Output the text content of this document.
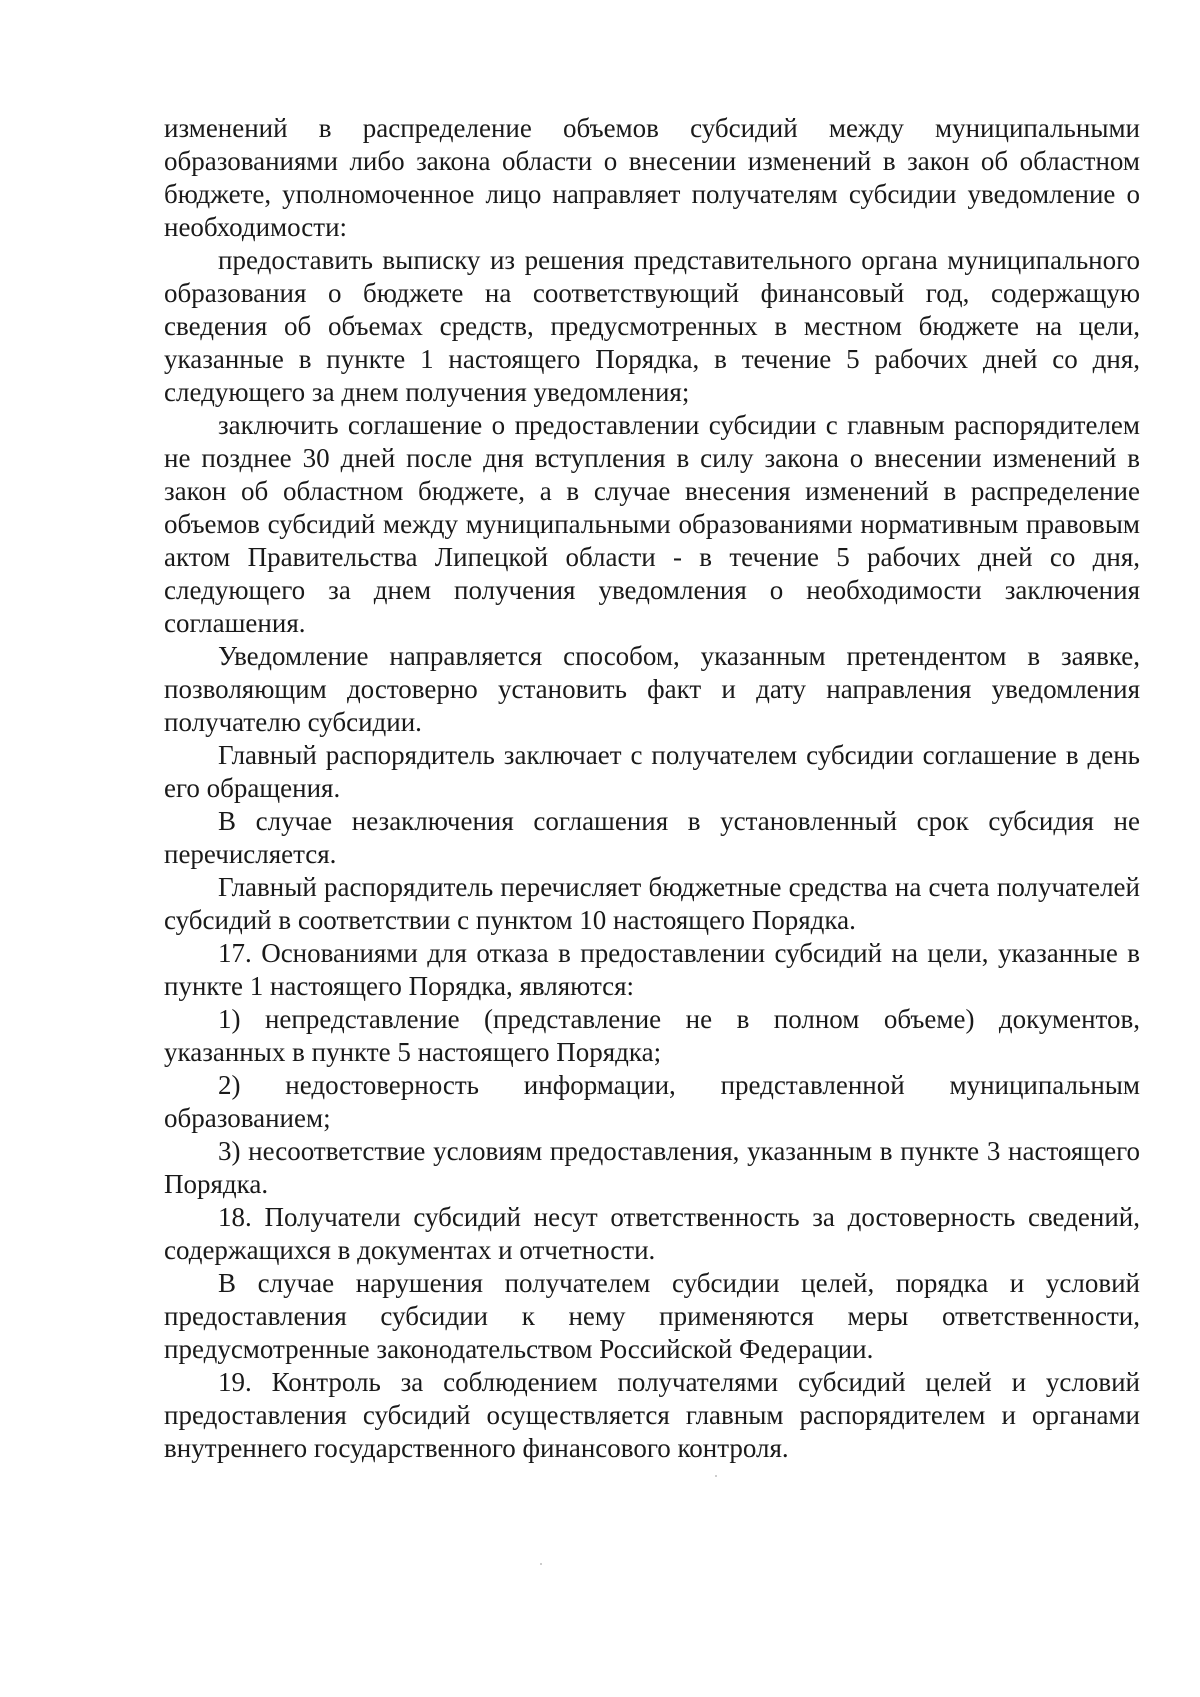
изменений в распределение объемов субсидий между муниципальными образованиями либо закона области о внесении изменений в закон об областном бюджете, уполномоченное лицо направляет получателям субсидии уведомление о необходимости:

предоставить выписку из решения представительного органа муниципального образования о бюджете на соответствующий финансовый год, содержащую сведения об объемах средств, предусмотренных в местном бюджете на цели, указанные в пункте 1 настоящего Порядка, в течение 5 рабочих дней со дня, следующего за днем получения уведомления;

заключить соглашение о предоставлении субсидии с главным распорядителем не позднее 30 дней после дня вступления в силу закона о внесении изменений в закон об областном бюджете, а в случае внесения изменений в распределение объемов субсидий между муниципальными образованиями нормативным правовым актом Правительства Липецкой области - в течение 5 рабочих дней со дня, следующего за днем получения уведомления о необходимости заключения соглашения.

Уведомление направляется способом, указанным претендентом в заявке, позволяющим достоверно установить факт и дату направления уведомления получателю субсидии.

Главный распорядитель заключает с получателем субсидии соглашение в день его обращения.

В случае незаключения соглашения в установленный срок субсидия не перечисляется.

Главный распорядитель перечисляет бюджетные средства на счета получателей субсидий в соответствии с пунктом 10 настоящего Порядка.

17. Основаниями для отказа в предоставлении субсидий на цели, указанные в пункте 1 настоящего Порядка, являются:

1) непредставление (представление не в полном объеме) документов, указанных в пункте 5 настоящего Порядка;

2) недостоверность информации, представленной муниципальным образованием;

3) несоответствие условиям предоставления, указанным в пункте 3 настоящего Порядка.

18. Получатели субсидий несут ответственность за достоверность сведений, содержащихся в документах и отчетности.

В случае нарушения получателем субсидии целей, порядка и условий предоставления субсидии к нему применяются меры ответственности, предусмотренные законодательством Российской Федерации.

19. Контроль за соблюдением получателями субсидий целей и условий предоставления субсидий осуществляется главным распорядителем и органами внутреннего государственного финансового контроля.
